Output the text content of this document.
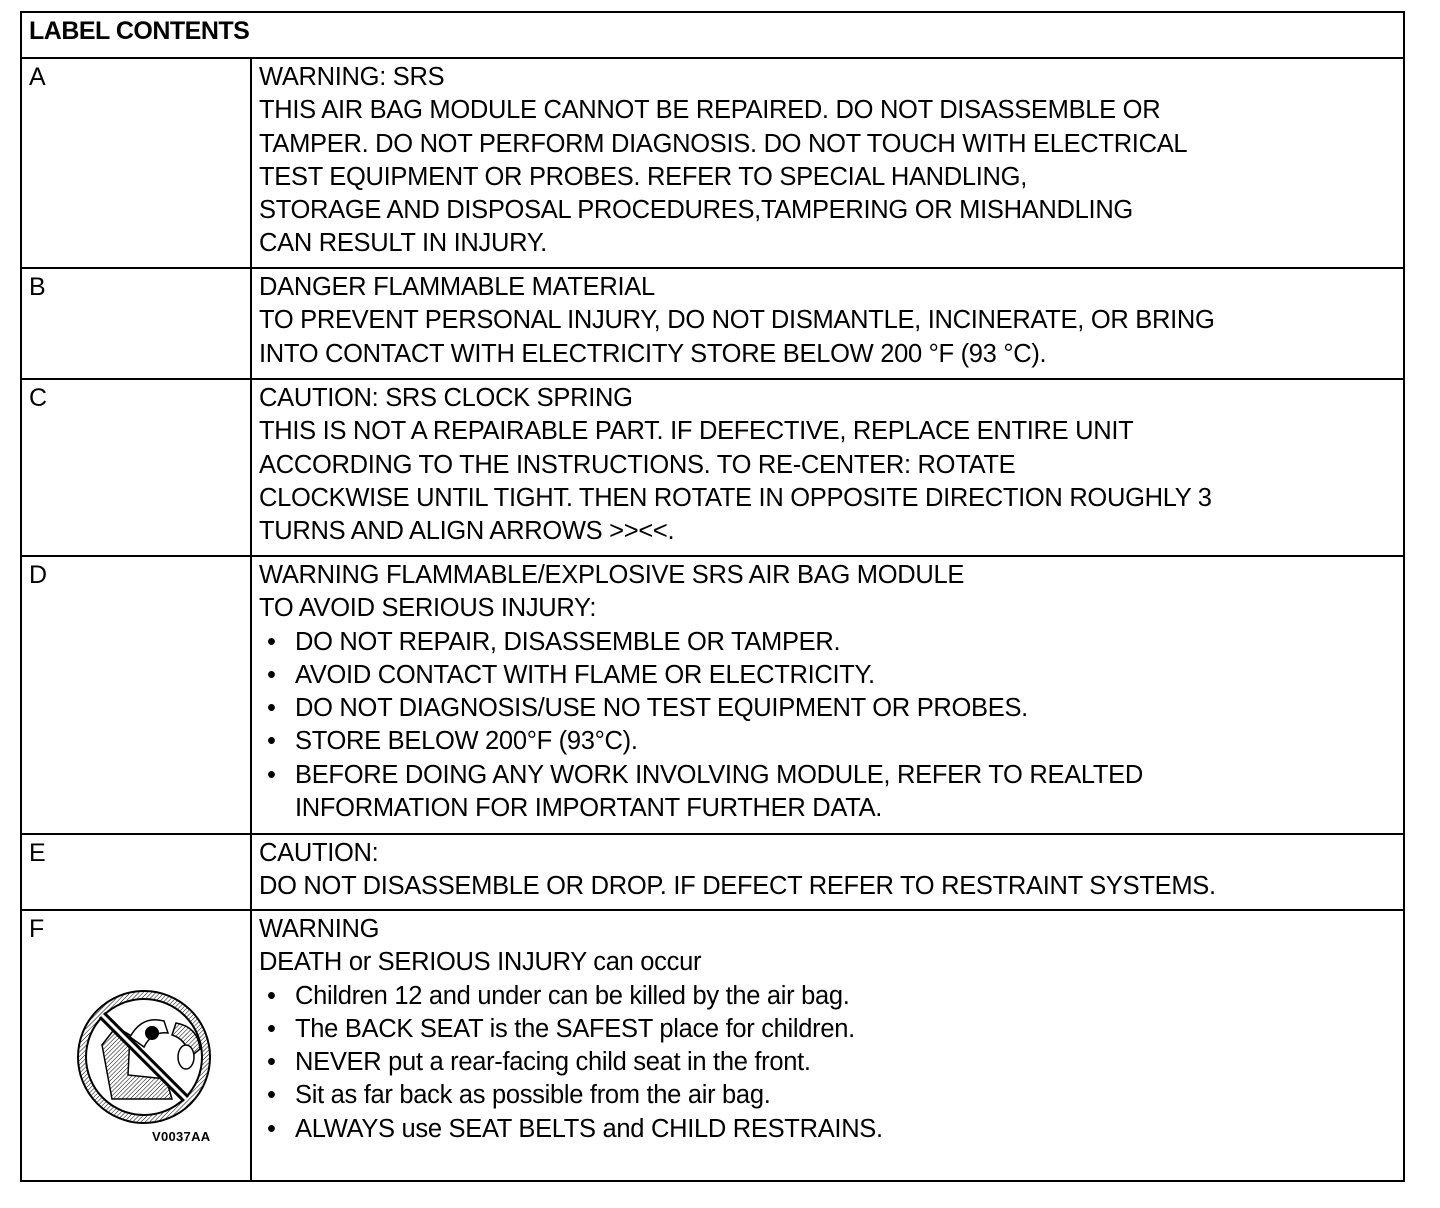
LABEL CONTENTS
A	WARNING: SRS
THIS AIR BAG MODULE CANNOT BE REPAIRED. DO NOT DISASSEMBLE OR
TAMPER. DO NOT PERFORM DIAGNOSIS. DO NOT TOUCH WITH ELECTRICAL
TEST EQUIPMENT OR PROBES. REFER TO SPECIAL HANDLING,
STORAGE AND DISPOSAL PROCEDURES,TAMPERING OR MISHANDLING
CAN RESULT IN INJURY.
B	DANGER FLAMMABLE MATERIAL
TO PREVENT PERSONAL INJURY, DO NOT DISMANTLE, INCINERATE, OR BRING
INTO CONTACT WITH ELECTRICITY STORE BELOW 200 °F (93 °C).
C	CAUTION: SRS CLOCK SPRING
THIS IS NOT A REPAIRABLE PART. IF DEFECTIVE, REPLACE ENTIRE UNIT
ACCORDING TO THE INSTRUCTIONS. TO RE-CENTER: ROTATE
CLOCKWISE UNTIL TIGHT. THEN ROTATE IN OPPOSITE DIRECTION ROUGHLY 3
TURNS AND ALIGN ARROWS >><<.
D	WARNING FLAMMABLE/EXPLOSIVE SRS AIR BAG MODULE
TO AVOID SERIOUS INJURY:
• DO NOT REPAIR, DISASSEMBLE OR TAMPER.
• AVOID CONTACT WITH FLAME OR ELECTRICITY.
• DO NOT DIAGNOSIS/USE NO TEST EQUIPMENT OR PROBES.
• STORE BELOW 200°F (93°C).
• BEFORE DOING ANY WORK INVOLVING MODULE, REFER TO REALTED
INFORMATION FOR IMPORTANT FURTHER DATA.
E	CAUTION:
DO NOT DISASSEMBLE OR DROP. IF DEFECT REFER TO RESTRAINT SYSTEMS.
F
V0037AA
WARNING
DEATH or SERIOUS INJURY can occur
• Children 12 and under can be killed by the air bag.
• The BACK SEAT is the SAFEST place for children.
• NEVER put a rear-facing child seat in the front.
• Sit as far back as possible from the air bag.
• ALWAYS use SEAT BELTS and CHILD RESTRAINS.
